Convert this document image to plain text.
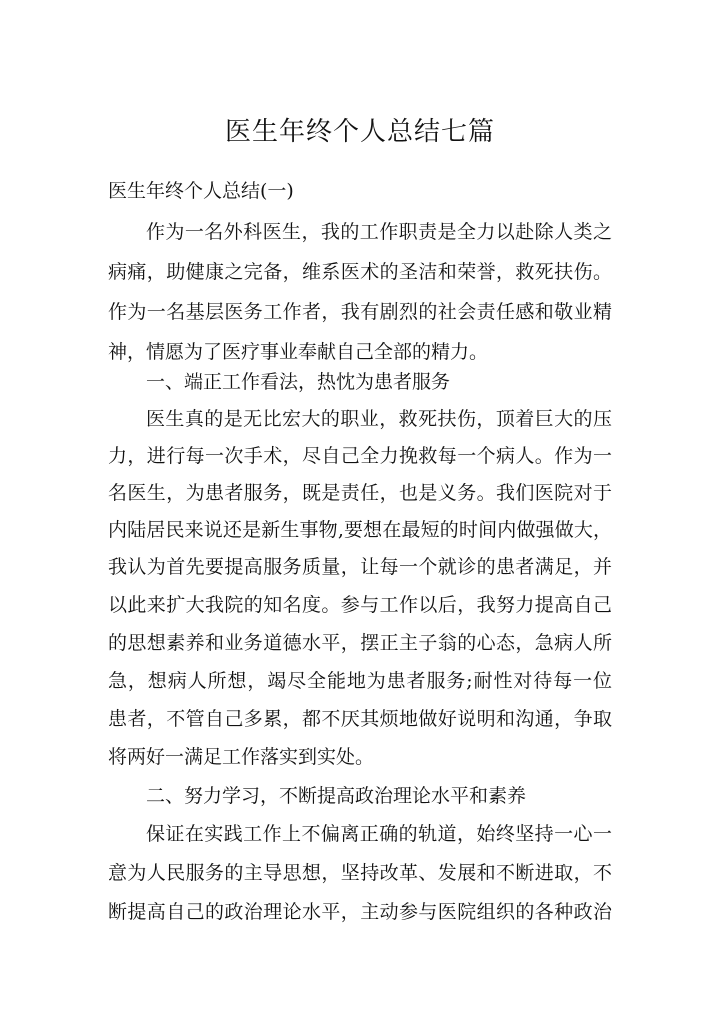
医生年终个人总结七篇
医生年终个人总结(一)
作为一名外科医生，我的工作职责是全力以赴除人类之
病痛，助健康之完备，维系医术的圣洁和荣誉，救死扶伤。
作为一名基层医务工作者，我有剧烈的社会责任感和敬业精
神，情愿为了医疗事业奉献自己全部的精力。
一、端正工作看法，热忱为患者服务
医生真的是无比宏大的职业，救死扶伤，顶着巨大的压
力，进行每一次手术，尽自己全力挽救每一个病人。作为一
名医生，为患者服务，既是责任，也是义务。我们医院对于
内陆居民来说还是新生事物,要想在最短的时间内做强做大，
我认为首先要提高服务质量，让每一个就诊的患者满足，并
以此来扩大我院的知名度。参与工作以后，我努力提高自己
的思想素养和业务道德水平，摆正主子翁的心态，急病人所
急，想病人所想，竭尽全能地为患者服务;耐性对待每一位
患者，不管自己多累，都不厌其烦地做好说明和沟通，争取
将两好一满足工作落实到实处。
二、努力学习，不断提高政治理论水平和素养
保证在实践工作上不偏离正确的轨道，始终坚持一心一
意为人民服务的主导思想，坚持改革、发展和不断进取，不
断提高自己的政治理论水平，主动参与医院组织的各种政治
